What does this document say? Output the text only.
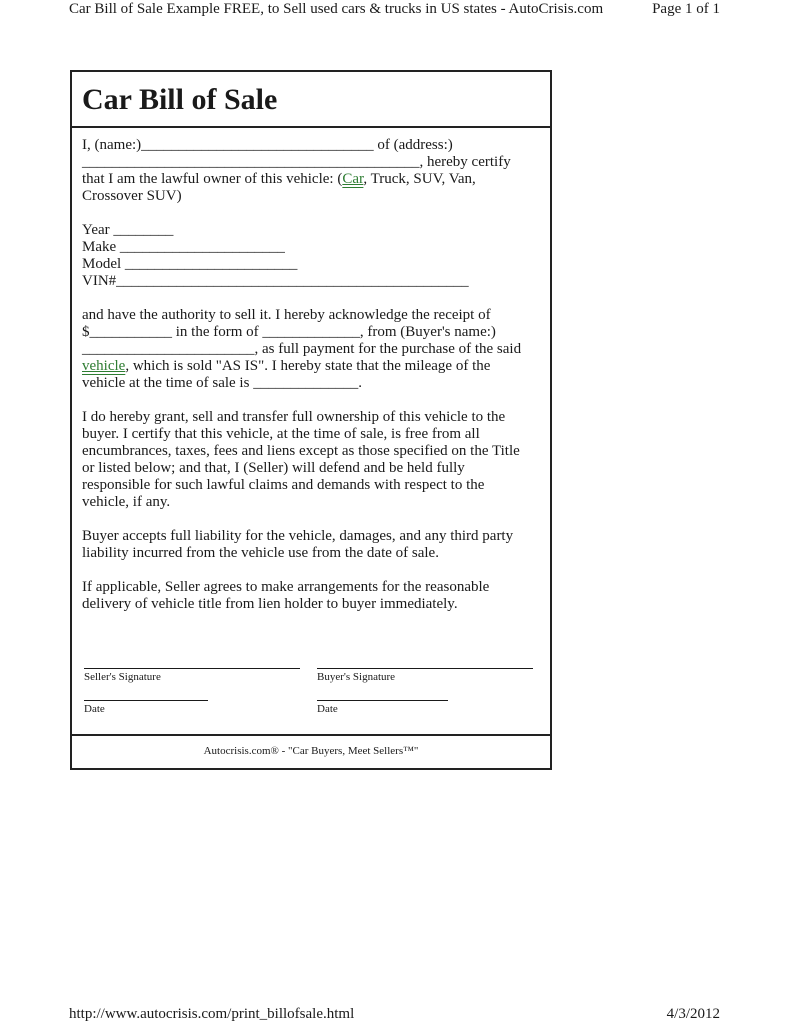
Car Bill of Sale Example FREE, to Sell used cars & trucks in US states - AutoCrisis.com	Page 1 of 1
Car Bill of Sale

I, (name:)_______________________________ of (address:)

_____________________________________________, hereby certify

that I am the lawful owner of this vehicle: (Car, Truck, SUV, Van,

Crossover SUV)

Year ________

Make ______________________

Model _______________________

VIN#_______________________________________________

and have the authority to sell it. I hereby acknowledge the receipt of

$___________ in the form of _____________, from (Buyer's name:)

_______________________, as full payment for the purchase of the said

vehicle, which is sold "AS IS". I hereby state that the mileage of the

vehicle at the time of sale is ______________.

I do hereby grant, sell and transfer full ownership of this vehicle to the

buyer. I certify that this vehicle, at the time of sale, is free from all

encumbrances, taxes, fees and liens except as those specified on the Title

or listed below; and that, I (Seller) will defend and be held fully

responsible for such lawful claims and demands with respect to the

vehicle, if any.

Buyer accepts full liability for the vehicle, damages, and any third party

liability incurred from the vehicle use from the date of sale.

If applicable, Seller agrees to make arrangements for the reasonable

delivery of vehicle title from lien holder to buyer immediately.

Seller's Signature
Date
Buyer's Signature
Date
Autocrisis.com® - "Car Buyers, Meet Sellers™"
http://www.autocrisis.com/print_billofsale.html	4/3/2012
